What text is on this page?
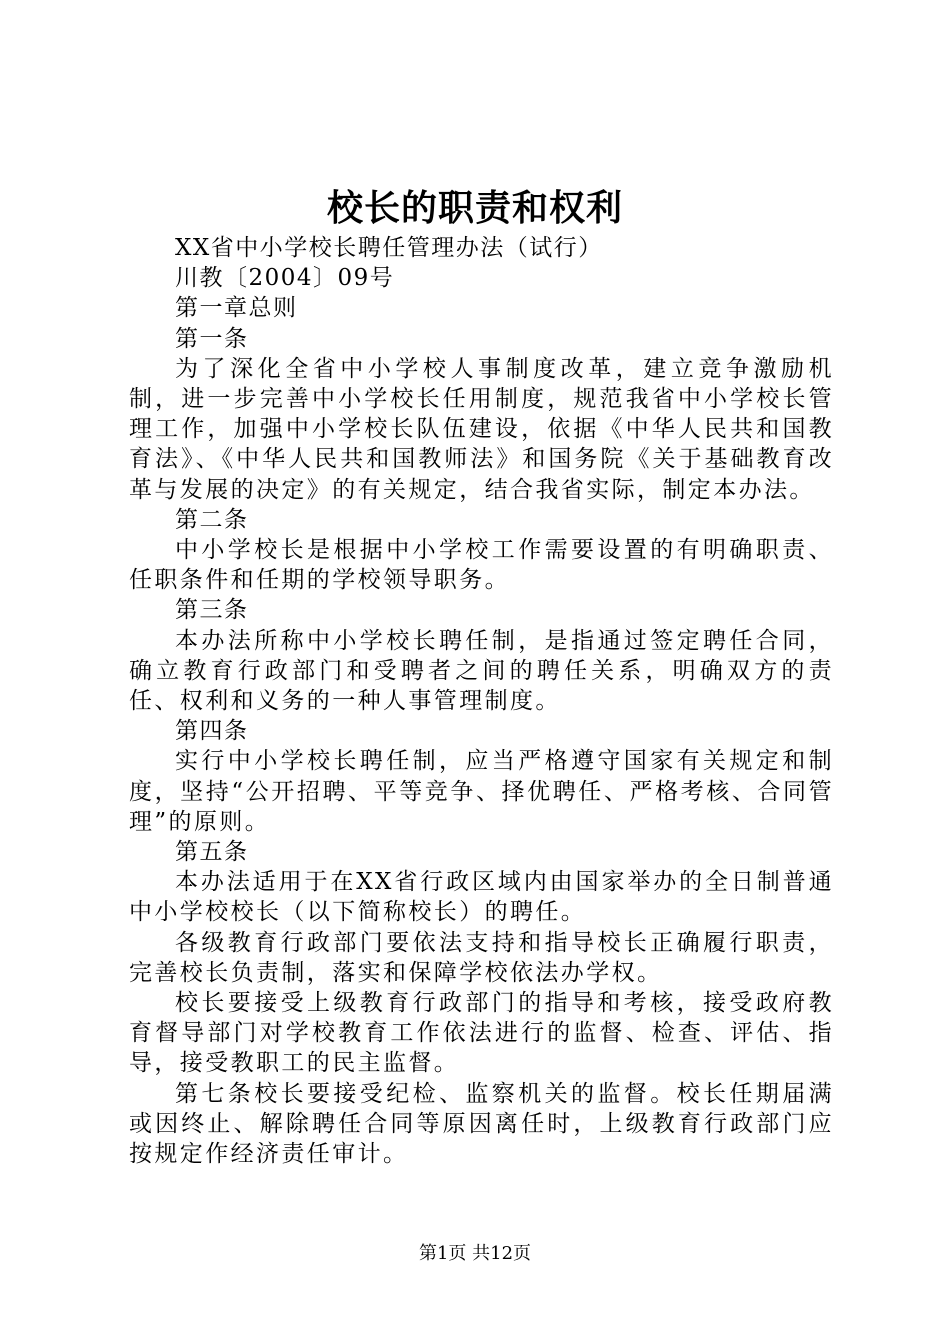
校长的职责和权利

XX省中小学校长聘任管理办法（试行）

川教〔2004〕09号

第一章总则

第一条

为了深化全省中小学校人事制度改革，建立竞争激励机制，进一步完善中小学校长任用制度，规范我省中小学校长管理工作，加强中小学校长队伍建设，依据《中华人民共和国教育法》、《中华人民共和国教师法》和国务院《关于基础教育改革与发展的决定》的有关规定，结合我省实际，制定本办法。

第二条

中小学校长是根据中小学校工作需要设置的有明确职责、任职条件和任期的学校领导职务。

第三条

本办法所称中小学校长聘任制，是指通过签定聘任合同，确立教育行政部门和受聘者之间的聘任关系，明确双方的责任、权利和义务的一种人事管理制度。

第四条

实行中小学校长聘任制，应当严格遵守国家有关规定和制度，坚持“公开招聘、平等竞争、择优聘任、严格考核、合同管理”的原则。

第五条

本办法适用于在XX省行政区域内由国家举办的全日制普通中小学校校长（以下简称校长）的聘任。

各级教育行政部门要依法支持和指导校长正确履行职责，完善校长负责制，落实和保障学校依法办学权。

校长要接受上级教育行政部门的指导和考核，接受政府教育督导部门对学校教育工作依法进行的监督、检查、评估、指导，接受教职工的民主监督。

第七条校长要接受纪检、监察机关的监督。校长任期届满或因终止、解除聘任合同等原因离任时，上级教育行政部门应按规定作经济责任审计。

第1页 共12页
